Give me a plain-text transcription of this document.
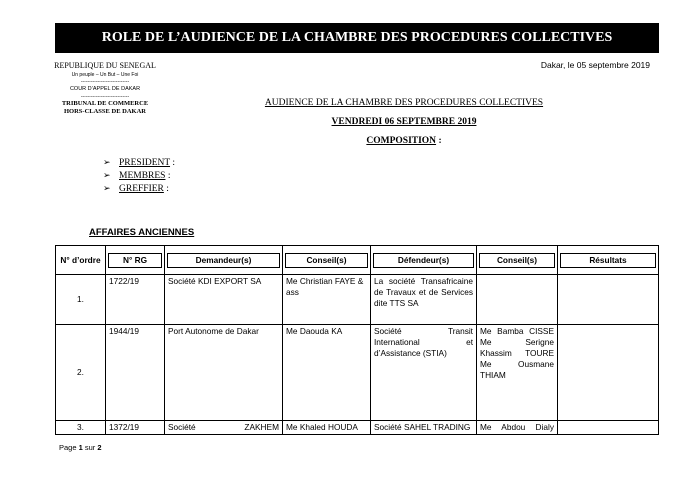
ROLE DE L’AUDIENCE DE LA CHAMBRE DES PROCEDURES COLLECTIVES
REPUBLIQUE DU SENEGAL
Un peuple – Un But – Une Foi
-----------------------------
COUR D’APPEL DE DAKAR
-----------------------------
TRIBUNAL DE COMMERCE
HORS-CLASSE DE DAKAR
Dakar, le 05 septembre 2019
AUDIENCE DE LA CHAMBRE DES PROCEDURES COLLECTIVES
VENDREDI 06 SEPTEMBRE 2019
COMPOSITION :
➢ PRESIDENT :
➢ MEMBRES :
➢ GREFFIER :
AFFAIRES ANCIENNES
N° d’ordre	N° RG	Demandeur(s)	Conseil(s)	Défendeur(s)	Conseil(s)	Résultats

1.	1722/19	Société KDI EXPORT SA	Me Christian FAYE & ass	La société Transafricaine de Travaux et de Services dite TTS SA		
2.	1944/19	Port Autonome de Dakar	Me Daouda KA	Société Transit International et d’Assistance (STIA)	Me Bamba CISSE Me Serigne Khassim TOURE Me Ousmane THIAM	
3.	1372/19	Société ZAKHEM	Me Khaled HOUDA	Société SAHEL TRADING	Me Abdou Dialy	
Page 1 sur 2
